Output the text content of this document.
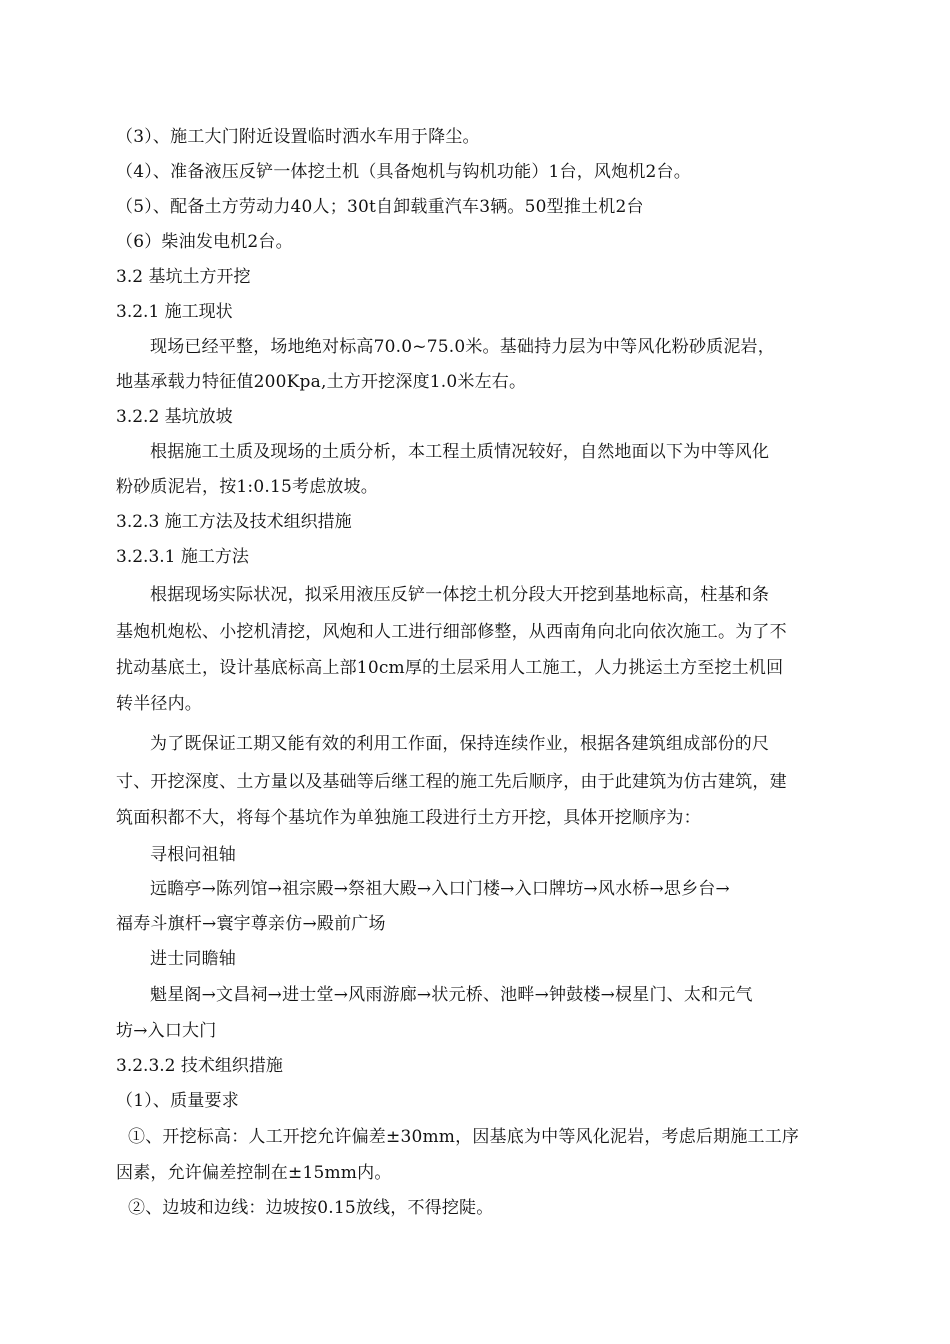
（3）、施工大门附近设置临时洒水车用于降尘。
（4）、准备液压反铲一体挖土机（具备炮机与钩机功能）1台，风炮机2台。
（5）、配备土方劳动力40人；30t自卸载重汽车3辆。50型推土机2台
（6）柴油发电机2台。
3.2 基坑土方开挖
3.2.1 施工现状
现场已经平整，场地绝对标高70.0~75.0米。基础持力层为中等风化粉砂质泥岩，
地基承载力特征值200Kpa,土方开挖深度1.0米左右。
3.2.2 基坑放坡
根据施工土质及现场的土质分析，本工程土质情况较好，自然地面以下为中等风化
粉砂质泥岩，按1:0.15考虑放坡。
3.2.3 施工方法及技术组织措施
3.2.3.1 施工方法
根据现场实际状况，拟采用液压反铲一体挖土机分段大开挖到基地标高，柱基和条
基炮机炮松、小挖机清挖，风炮和人工进行细部修整，从西南角向北向依次施工。为了不
扰动基底土，设计基底标高上部10cm厚的土层采用人工施工，人力挑运土方至挖土机回
转半径内。
为了既保证工期又能有效的利用工作面，保持连续作业，根据各建筑组成部份的尺
寸、开挖深度、土方量以及基础等后继工程的施工先后顺序，由于此建筑为仿古建筑，建
筑面积都不大，将每个基坑作为单独施工段进行土方开挖，具体开挖顺序为：
寻根问祖轴
远瞻亭→陈列馆→祖宗殿→祭祖大殿→入口门楼→入口牌坊→风水桥→思乡台→
福寿斗旗杆→寰宇尊亲仿→殿前广场
进士同瞻轴
魁星阁→文昌祠→进士堂→风雨游廊→状元桥、池畔→钟鼓楼→棂星门、太和元气
坊→入口大门
3.2.3.2 技术组织措施
（1）、质量要求
①、开挖标高：人工开挖允许偏差±30mm，因基底为中等风化泥岩，考虑后期施工工序
因素，允许偏差控制在±15mm内。
②、边坡和边线：边坡按0.15放线，不得挖陡。
